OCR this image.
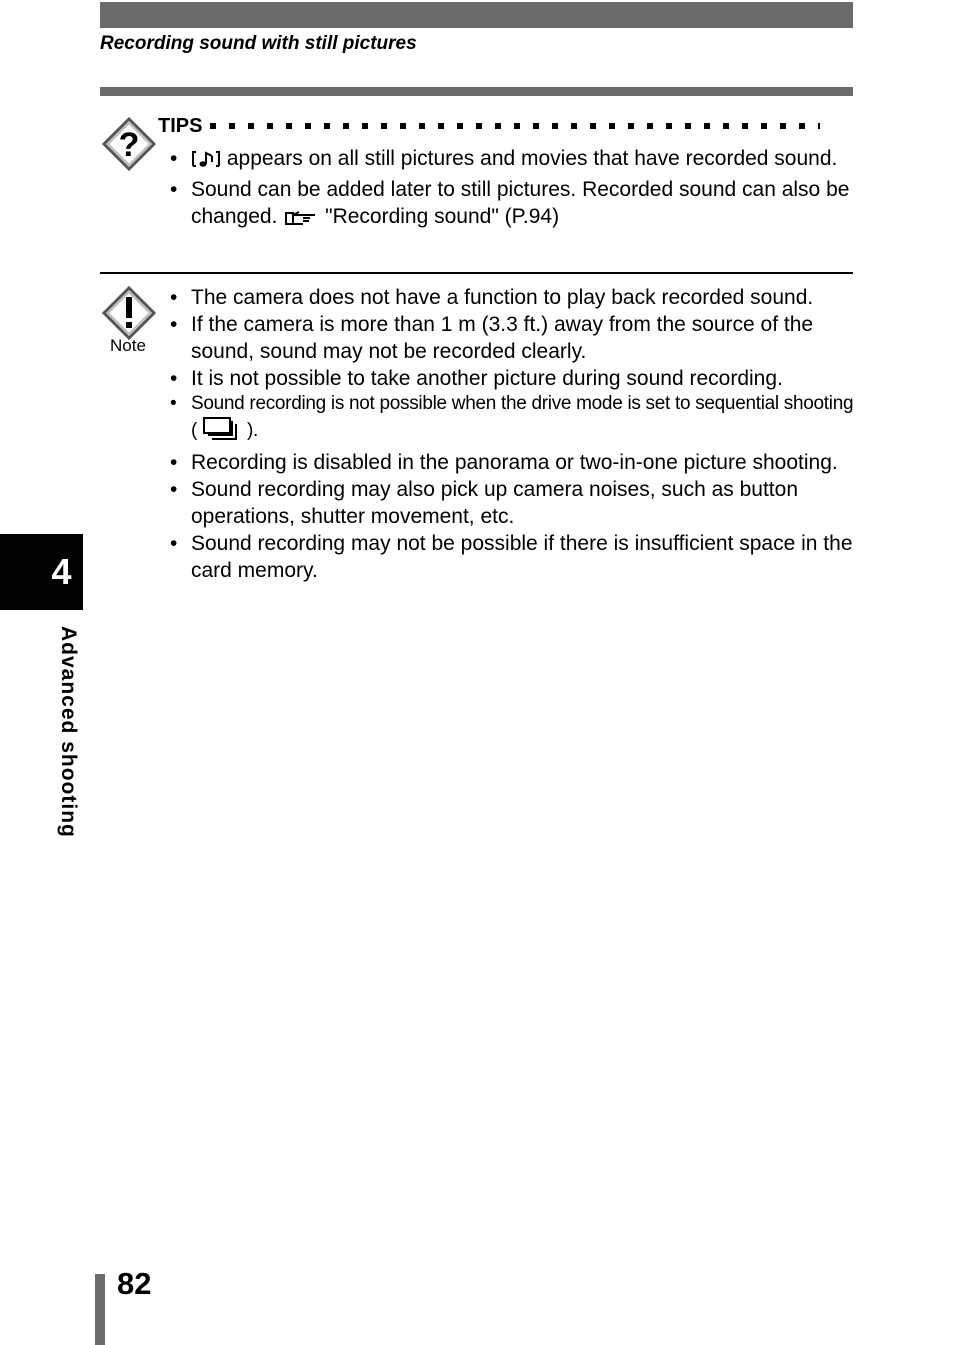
Recording sound with still pictures
? TIPS
• appears on all still pictures and movies that have recorded sound.
• Sound can be added later to still pictures. Recorded sound can also be changed. "Recording sound" (P.94)
Note
• The camera does not have a function to play back recorded sound.
• If the camera is more than 1 m (3.3 ft.) away from the source of the sound, sound may not be recorded clearly.
• It is not possible to take another picture during sound recording.
• Sound recording is not possible when the drive mode is set to sequential shooting (	).
• Recording is disabled in the panorama or two-in-one picture shooting.
• Sound recording may also pick up camera noises, such as button operations, shutter movement, etc.
• Sound recording may not be possible if there is insufficient space in the card memory.
4
Advanced shooting
82
